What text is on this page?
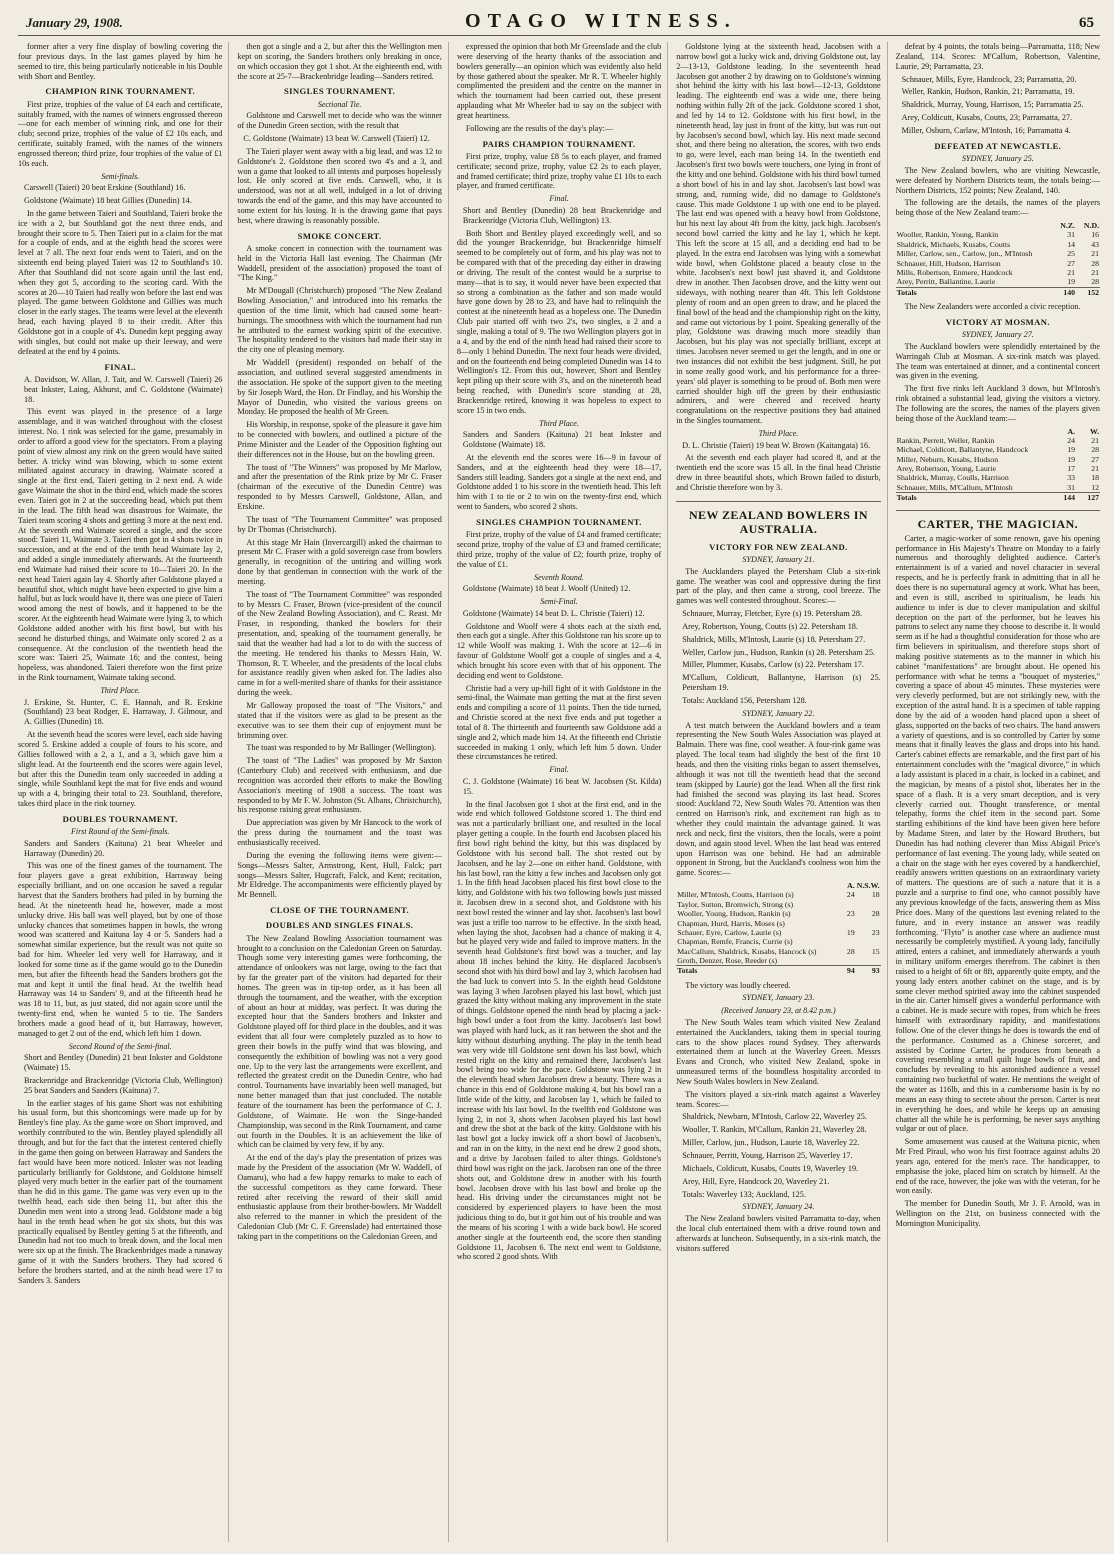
January 29, 1908.	OTAGO WITNESS.	65

former after a very fine display of bowling covering the four previous days. In the last games played by him he seemed to tire, this being particularly noticeable in his Double with Short and Bentley.

CHAMPION RINK TOURNAMENT.

First prize, trophies of the value of £4 each and certificate, suitably framed, with the names of winners engrossed thereon—one for each member of winning rink, and one for their club; second prize, trophies of the value of £2 10s each, and certificate, suitably framed, with the names of the winners engrossed thereon; third prize, four trophies of the value of £1 10s each.

Semi-finals.

Carswell (Taieri) 20 beat Erskine (Southland) 16.

Goldstone (Waimate) 18 beat Gillies (Dunedin) 14.

In the game between Taieri and Southland, Taieri broke the ice with a 2, but Southland got the next three ends, and brought their score to 5. Then Taieri put in a claim for the mat for a couple of ends, and at the eighth head the scores were level at 7 all. The next four ends went to Taieri, and on the sixteenth end being played Taieri was 12 to Southland's 10. After that Southland did not score again until the last end, when they got 5, according to the scoring card. With the scores at 20—10 Taieri had really won before the last end was played. The game between Goldstone and Gillies was much closer in the early stages. The teams were level at the eleventh head, each having played 8 to their credit. After this Goldstone got in a couple of 4's. Dunedin kept pegging away with singles, but could not make up their leeway, and were defeated at the end by 4 points.

FINAL.

A. Davidson, W. Allan, J. Tait, and W. Carswell (Taieri) 26 beat Inkster, Laing, Akhurst, and C. Goldstone (Waimate) 18.

This event was played in the presence of a large assemblage, and it was watched throughout with the closest interest. No. 1 rink was selected for the game, presumably in order to afford a good view for the spectators. From a playing point of view almost any rink on the green would have suited better. A tricky wind was blowing, which to some extent militated against accuracy in drawing. Waimate scored a single at the first end, Taieri getting in 2 next end. A wide gave Waimate the shot in the third end, which made the scores even. Taieri got in 2 at the succeeding head, which put them in the lead. The fifth head was disastrous for Waimate, the Taieri team scoring 4 shots and getting 3 more at the next end. At the seventh end Waimate scored a single, and the score stood: Taieri 11, Waimate 3. Taieri then got in 4 shots twice in succession, and at the end of the tenth head Waimate lay 2, and added a single immediately afterwards. At the fourteenth end Waimate had raised their score to 10—Taieri 20. In the next head Taieri again lay 4. Shortly after Goldstone played a beautiful shot, which might have been expected to give him a halful, but as luck would have it, there was one piece of Taieri wood among the nest of bowls, and it happened to be the scorer. At the eighteenth head Waimate were lying 3, to which Goldstone added another with his first bowl, but with his second he disturbed things, and Waimate only scored 2 as a consequence. At the conclusion of the twentieth head the score was: Taieri 25, Waimate 16; and the contest, being hopeless, was abandoned. Taieri therefore won the first prize in the Rink tournament, Waimate taking second.

Third Place.

J. Erskine, St. Hunter, C. E. Hannah, and R. Erskine (Southland) 23 beat Rodger, E. Harraway, J. Gilmour, and A. Gillies (Dunedin) 18.

At the seventh head the scores were level, each side having scored 5. Erskine added a couple of fours to his score, and Gillies followed with a 2, a 1, and a 3, which gave him a slight lead. At the fourteenth end the scores were again level, but after this the Dunedin team only succeeded in adding a single, while Southland kept the mat for five ends and wound up with a 4, bringing their total to 23. Southland, therefore, takes third place in the rink tourney.

DOUBLES TOURNAMENT.
First Round of the Semi-finals.

Sanders and Sanders (Kaituna) 21 beat Wheeler and Harraway (Dunedin) 20.

This was one of the finest games of the tournament. The four players gave a great exhibition, Harraway being especially brilliant, and on one occasion he saved a regular harvest that the Sanders brothers had piled in by burning the head. At the nineteenth head he, however, made a most unlucky drive. His ball was well played, but by one of those unlucky chances that sometimes happen in bowls, the wrong wood was scattered and Kaituna lay 4 or 5. Sanders had a somewhat similar experience, but the result was not quite so bad for him. Wheeler led very well for Harraway, and it looked for some time as if the game would go to the Dunedin men, but after the fifteenth head the Sanders brothers got the mat and kept it until the final head. At the twelfth head Harraway was 14 to Sanders' 9, and at the fifteenth head he was 18 to 11, but, as just stated, did not again score until the twenty-first end, when he wanted 5 to tie. The Sanders brothers made a good head of it, but Harraway, however, managed to get 2 out of the end, which left him 1 down.

Second Round of the Semi-final.

Short and Bentley (Dunedin) 21 beat Inkster and Goldstone (Waimate) 15.

Brackenridge and Brackenridge (Victoria Club, Wellington) 25 beat Sanders and Sanders (Kaituna) 7.

In the earlier stages of his game Short was not exhibiting his usual form, but this shortcomings were made up for by Bentley's fine play. As the game wore on Short improved, and worthily contributed to the win. Bentley played splendidly all through, and but for the fact that the interest centered chiefly in the game then going on between Harraway and Sanders the fact would have been more noticed. Inkster was not leading particularly brilliantly for Goldstone, and Goldstone himself played very much better in the earlier part of the tournament than he did in this game. The game was very even up to the twelfth head, each side then being 11, but after this the Dunedin men went into a strong lead. Goldstone made a big haul in the tenth head when he got six shots, but this was practically equalised by Bentley getting 5 at the fifteenth, and Dunedin had not too much to break down, and the local men were six up at the finish. The Brackenbridges made a runaway game of it with the Sanders brothers. They had scored 6 before the brothers started, and at the ninth head were 17 to Sanders 3. Sanders

then got a single and a 2, but after this the Wellington men kept on scoring, the Sanders brothers only breaking in once, on which occasion they got 1 shot. At the eighteenth end, with the score at 25-7—Brackenbridge leading—Sanders retired.

SINGLES TOURNAMENT.
Sectional Tie.

Goldstone and Carswell met to decide who was the winner of the Dunedin Green section, with the result that

C. Goldstone (Waimate) 13 beat W. Carswell (Taieri) 12.

The Taieri player went away with a big lead, and was 12 to Goldstone's 2. Goldstone then scored two 4's and a 3, and won a game that looked to all intents and purposes hopelessly lost. He only scored at five ends. Carswell, who, it is understood, was not at all well, indulged in a lot of driving towards the end of the game, and this may have accounted to some extent for his losing. It is the drawing game that pays best, where drawing is reasonably possible.

SMOKE CONCERT.

A smoke concert in connection with the tournament was held in the Victoria Hall last evening. The Chairman (Mr Waddell, president of the association) proposed the toast of "The King."

Mr M'Dougall (Christchurch) proposed "The New Zealand Bowling Association," and introduced into his remarks the question of the time limit, which had caused some heart-burnings. The smoothness with which the tournament had run he attributed to the earnest working spirit of the executive. The hospitality tendered to the visitors had made their stay in the city one of pleasing memory.

Mr Waddell (president) responded on behalf of the association, and outlined several suggested amendments in the association. He spoke of the support given to the meeting by Sir Joseph Ward, the Hon. Dr Findlay, and his Worship the Mayor of Dunedin, who visited the various greens on Monday. He proposed the health of Mr Green.

His Worship, in response, spoke of the pleasure it gave him to be connected with bowlers, and outlined a picture of the Prime Minister and the Leader of the Opposition fighting out their differences not in the House, but on the bowling green.

The toast of "The Winners" was proposed by Mr Marlow, and after the presentation of the Rink prize by Mr C. Fraser (chairman of the executive of the Dunedin Centre) was responded to by Messrs Carswell, Goldstone, Allan, and Erskine.

The toast of "The Tournament Committee" was proposed by Dr Thomas (Christchurch).

At this stage Mr Hain (Invercargill) asked the chairman to present Mr C. Fraser with a gold sovereign case from bowlers generally, in recognition of the untiring and willing work done by that gentleman in connection with the work of the meeting.

The toast of "The Tournament Committee" was responded to by Messrs C. Fraser, Brown (vice-president of the council of the New Zealand Bowling Association), and C. Reast. Mr Fraser, in responding, thanked the bowlers for their presentation, and, speaking of the tournament generally, he said that the weather had had a lot to do with the success of the meeting. He tendered his thanks to Messrs Hain, W. Thomson, R. T. Wheeler, and the presidents of the local clubs for assistance readily given when asked for. The ladies also came in for a well-merited share of thanks for their assistance during the week.

Mr Galloway proposed the toast of "The Visitors," and stated that if the visitors were as glad to be present as the executive was to see them their cup of enjoyment must be brimming over.

The toast was responded to by Mr Ballinger (Wellington).

The toast of "The Ladies" was proposed by Mr Saxton (Canterbury Club) and received with enthusiasm, and due recognition was accorded their efforts to make the Bowling Association's meeting of 1908 a success. The toast was responded to by Mr F. W. Johnston (St. Albans, Christchurch), his response raising great enthusiasm.

Due appreciation was given by Mr Hancock to the work of the press during the tournament and the toast was enthusiastically received.

During the evening the following items were given:—Songs—Messrs Salter, Armstrong, Kent, Hull, Falck; part songs—Messrs Salter, Hugcraft, Falck, and Kent; recitation, Mr Eldredge. The accompaniments were efficiently played by Mr Bennell.

CLOSE OF THE TOURNAMENT.
DOUBLES AND SINGLES FINALS.

The New Zealand Bowling Association tournament was brought to a conclusion on the Caledonian Green on Saturday. Though some very interesting games were forthcoming, the attendance of onlookers was not large, owing to the fact that by far the greater part of the visitors had departed for their homes. The green was in tip-top order, as it has been all through the tournament, and the weather, with the exception of about an hour at midday, was perfect. It was during the excepted hour that the Sanders brothers and Inkster and Goldstone played off for third place in the doubles, and it was evident that all four were completely puzzled as to how to green their bowls in the puffy wind that was blowing, and consequently the exhibition of bowling was not a very good one. Up to the very last the arrangements were excellent, and reflected the greatest credit on the Dunedin Centre, who had control. Tournaments have invariably been well managed, but none better managed than that just concluded. The notable feature of the tournament has been the performance of C. J. Goldstone, of Waimate. He won the Singe-handed Championship, was second in the Rink Tournament, and came out fourth in the Doubles. It is an achievement the like of which can be claimed by very few, if by any.

At the end of the day's play the presentation of prizes was made by the President of the association (Mr W. Waddell, of Oamaru), who had a few happy remarks to make to each of the successful competitors as they came forward. These retired after receiving the reward of their skill amid enthusiastic applause from their brother-bowlers. Mr Waddell also referred to the manner in which the president of the Caledonian Club (Mr C. F. Greenslade) had entertained those taking part in the competitions on the Caledonian Green, and

expressed the opinion that both Mr Greenslade and the club were deserving of the hearty thanks of the association and bowlers generally—an opinion which was evidently also held by those gathered about the speaker. Mr R. T. Wheeler highly complimented the president and the centre on the manner in which the tournament had been carried out, these present applauding what Mr Wheeler had to say on the subject with great heartiness.

Following are the results of the day's play:—

PAIRS CHAMPION TOURNAMENT.

First prize, trophy, value £8 5s to each player, and framed certificate; second prize, trophy, value £2 2s to each player, and framed certificate; third prize, trophy value £1 10s to each player, and framed certificate.

Final.

Short and Bentley (Dunedin) 28 beat Brackenridge and Brackenridge (Victoria Club, Wellington) 13.

Both Short and Bentley played exceedingly well, and so did the younger Brackenridge, but Brackenridge himself seemed to be completely out of form, and his play was not to be compared with that of the preceding day either in drawing or driving. The result of the contest would be a surprise to many—that is to say, it would never have been expected that so strong a combination as the father and son made would have gone down by 28 to 23, and have had to relinquish the contest at the nineteenth head as a hopeless one. The Dunedin Club pair started off with two 2's, two singles, a 2 and a single, making a total of 9. The two Wellington players got in a 4, and by the end of the ninth head had raised their score to 8—only 1 behind Dunedin. The next four heads were divided, and on the fourteenth end being completed Dunedin was 14 to Wellington's 12. From this out, however, Short and Bentley kept piling up their score with 3's, and on the nineteenth head being reached, with Dunedin's score standing at 28, Brackenridge retired, knowing it was hopeless to expect to score 15 in two ends.

Third Place.

Sanders and Sanders (Kaituna) 21 beat Inkster and Goldstone (Waimate) 18.

At the eleventh end the scores were 16—9 in favour of Sanders, and at the eighteenth head they were 18—17, Sanders still leading. Sanders got a single at the next end, and Goldstone added 1 to his score in the twentieth head. This left him with 1 to tie or 2 to win on the twenty-first end, which went to Sanders, who scored 2 shots.

SINGLES CHAMPION TOURNAMENT.

First prize, trophy of the value of £4 and framed certificate; second prize, trophy of the value of £3 and framed certificate; third prize, trophy of the value of £2; fourth prize, trophy of the value of £1.

Seventh Round.

Goldstone (Waimate) 18 beat J. Woolf (United) 12.

Semi-Final.

Goldstone (Waimate) 14 beat D. L. Christie (Taieri) 12.

Goldstone and Woolf were 4 shots each at the sixth end, then each got a single. After this Goldstone ran his score up to 12 while Woolf was making 1. With the score at 12—6 in favour of Goldstone Woolf got a couple of singles and a 4, which brought his score even with that of his opponent. The deciding end went to Goldstone.

Christie had a very up-hill fight of it with Goldstone in the semi-final, the Waimate man getting the mat at the first seven ends and compiling a score of 11 points. Then the tide turned, and Christie scored at the next five ends and put together a total of 8. The thirteenth and fourteenth saw Goldstone add a single and 2, which made him 14. At the fifteenth end Christie succeeded in making 1 only, which left him 5 down. Under these circumstances he retired.

Final.

C. J. Goldstone (Waimate) 16 beat W. Jacobsen (St. Kilda) 15.

In the final Jacobsen got 1 shot at the first end, and in the wide end which followed Goldstone scored 1. The third end was not a particularly brilliant one, and resulted in the local player getting a couple. In the fourth end Jacobsen placed his first bowl right behind the kitty, but this was displaced by Goldstone with his second ball. The shot rested out by Jacobsen, and he lay 2—one on either hand. Goldstone, with his last bowl, ran the kitty a few inches and Jacobsen only got 1. In the fifth head Jacobsen placed his first bowl close to the kitty, and Goldstone with his two following bowls just missed it. Jacobsen drew in a second shot, and Goldstone with his next bowl rested the winner and lay shot. Jacobsen's last bowl was just a trifle too narrow to be effective. In the sixth head, when laying the shot, Jacobsen had a chance of making it 4, but he played very wide and failed to improve matters. In the seventh head Goldstone's first bowl was a toucher, and lay about 18 inches behind the kitty. He displaced Jacobsen's second shot with his third bowl and lay 3, which Jacobsen had the bad luck to convert into 5. In the eighth head Goldstone was laying 3 when Jacobsen played his last bowl, which just grazed the kitty without making any improvement in the state of things. Goldstone opened the ninth head by placing a jack-high bowl under a foot from the kitty. Jacobsen's last bowl was played with hard luck, as it ran between the shot and the kitty without disturbing anything. The play in the tenth head was very wide till Goldstone sent down his last bowl, which rested right on the kitty and remained there, Jacobsen's last bowl being too wide for the pace. Goldstone was lying 2 in the eleventh head when Jacobsen drew a beauty. There was a chance in this end of Goldstone making 4, but his bowl ran a little wide of the kitty, and Jacobsen lay 1, which he failed to increase with his last bowl. In the twelfth end Goldstone was lying 2, in not 3, shots when Jacobsen played his last bowl and drew the shot at the back of the kitty. Goldstone with his last bowl got a lucky inwick off a short bowl of Jacobsen's, and ran in on the kitty, in the next end he drew 2 good shots, and a drive by Jacobsen failed to alter things. Goldstone's third bowl was right on the jack. Jacobsen ran one of the three shots out, and Goldstone drew in another with his fourth bowl. Jacobsen drove with his last bowl and broke up the head. His driving under the circumstances might not be considered by experienced players to have been the most judicious thing to do, but it got him out of his trouble and was the means of his scoring 1 with a wide back bowl. He scored another single at the fourteenth end, the score then standing Goldstone 11, Jacobsen 6. The next end went to Goldstone, who scored 2 good shots. With

Goldstone lying at the sixteenth head, Jacobsen with a narrow bowl got a lucky wick and, driving Goldstone out, lay 2—13-13, Goldstone leading. In the seventeenth head Jacobsen got another 2 by drawing on to Goldstone's winning shot behind the kitty with his last bowl—12-13, Goldstone leading. The eighteenth end was a wide one, there being nothing within fully 2ft of the jack. Goldstone scored 1 shot, and led by 14 to 12. Goldstone with his first bowl, in the nineteenth head, lay just in front of the kitty, but was run out by Jacobsen's second bowl, which lay. His next made second shot, and there being no alteration, the scores, with two ends to go, were level, each man being 14. In the twentieth end Jacobsen's first two bowls were touchers, one lying in front of the kitty and one behind. Goldstone with his third bowl turned a short bowl of his in and lay shot. Jacobsen's last bowl was strong, and, running wide, did no damage to Goldstone's cause. This made Goldstone 1 up with one end to be played. The last end was opened with a heavy bowl from Goldstone, but his next lay about 4ft from the kitty, jack high. Jacobsen's second bowl carried the kitty and he lay 1, which he kept. This left the score at 15 all, and a deciding end had to be played. In the extra end Jacobsen was lying with a somewhat wide bowl, when Goldstone placed a beauty close to the white. Jacobsen's next bowl just shaved it, and Goldstone drew in another. Then Jacobsen drove, and the kitty went out sideways, with nothing nearer than 4ft. This left Goldstone plenty of room and an open green to draw, and he placed the final bowl of the head and the championship right on the kitty, and came out victorious by 1 point. Speaking generally of the play, Goldstone was drawing much more steadily than Jacobsen, but his play was not specially brilliant, except at times. Jacobsen never seemed to get the length, and in one or two instances did not exhibit the best judgment. Still, he put in some really good work, and his performance for a three-years' old player is something to be proud of. Both men were carried shoulder high off the green by their enthusiastic admirers, and were cheered and received hearty congratulations on the respective positions they had attained in the Singles tournament.

Third Place.

D. L. Christie (Taieri) 19 beat W. Brown (Kaitangata) 16.

At the seventh end each player had scored 8, and at the twentieth end the score was 15 all. In the final head Christie drew in three beautiful shots, which Brown failed to disturb, and Christie therefore won by 3.

NEW ZEALAND BOWLERS IN AUSTRALIA.
VICTORY FOR NEW ZEALAND.

SYDNEY, January 21.

The Aucklanders played the Petersham Club a six-rink game. The weather was cool and oppressive during the first part of the play, and then came a strong, cool breeze. The games was well contested throughout. Scores:—

Schnauer, Murray, Fletcher, Eyre (s) 19. Petersham 28.

Arey, Robertson, Young, Coutts (s) 22. Petersham 18.

Shaldrick, Mills, M'Intosh, Laurie (s) 18. Petersham 27.

Weller, Carlow jun., Hudson, Rankin (s) 28. Petersham 25.

Miller, Plummer, Kusabs, Carlow (s) 22. Petersham 17.

M'Callum, Coldicutt, Ballantyne, Harrison (s) 25. Petersham 19.

Totals: Auckland 156, Petersham 128.

SYDNEY, January 22.

A test match between the Auckland bowlers and a team representing the New South Wales Association was played at Balmain. There was fine, cool weather. A four-rink game was played. The local team had slightly the best of the first 10 heads, and then the visiting rinks began to assert themselves, although it was not till the twentieth head that the second team (skipped by Laurie) got the lead. When all the first rink had finished the second was playing its last head. Scores stood: Auckland 72, New South Wales 70. Attention was then centred on Harrison's rink, and excitement ran high as to whether they could maintain the advantage gained. It was neck and neck, first the visitors, then the locals, were a point down, and again stood level. When the last head was entered upon Harrison was one behind. He had an admirable opponent in Strong, but the Auckland's coolness won him the game. Scores:—

	A.	N.S.W.
Miller, M'Intosh, Coutts, Harrison (s)	24	18
Taylor, Sutton, Bromwich, Strong (s)		
Wooller, Young, Hudson, Rankin (s)	23	28
Chapman, Hurd, Harris, Moses (s)		
Schauer, Eyre, Carlow, Laurie (s)	19	23
Chapman, Remfe, Francis, Currie (s)		
MacCallum, Shaldrick, Kusabs, Hancock (s)	28	15
Groth, Denzer, Rose, Reeder (s)		
Totals	94	93

The victory was loudly cheered.

SYDNEY, January 23.

(Received January 23, at 8.42 p.m.)

The New South Wales team which visited New Zealand entertained the Aucklanders, taking them in special touring cars to the show places round Sydney. They afterwards entertained them at lunch at the Waverley Green. Messrs Evans and Cronch, who visited New Zealand, spoke in unmeasured terms of the boundless hospitality accorded to New South Wales bowlers in New Zealand.

The visitors played a six-rink match against a Waverley team. Scores:—

Shaldrick, Newbarn, M'Intosh, Carlow 22, Waverley 25.

Wooller, T. Rankin, M'Callum, Rankin 21, Waverley 28.

Miller, Carlow, jun., Hudson, Laurie 18, Waverley 22.

Schnauer, Perritt, Young, Harrison 25, Waverley 17.

Michaels, Coldicutt, Kusabs, Coutts 19, Waverley 19.

Arey, Hill, Eyre, Handcock 20, Waverley 21.

Totals: Waverley 133; Auckland, 125.

SYDNEY, January 24.

The New Zealand bowlers visited Parramatta to-day, when the local club entertained them with a drive round town and afterwards at luncheon. Subsequently, in a six-rink match, the visitors suffered

defeat by 4 points, the totals being—Parramatta, 118; New Zealand, 114. Scores: M'Callum, Robertson, Valentine, Laurie, 29; Parramatta, 23.

Schnauer, Mills, Eyre, Handcock, 23; Parramatta, 20.

Weller, Rankin, Hudson, Rankin, 21; Parramatta, 19.

Shaldrick, Murray, Young, Harrison, 15; Parramatta 25.

Arey, Coldicutt, Kusabs, Coutts, 23; Parramatta, 27.

Miller, Osburn, Carlaw, M'Intosh, 16; Parramatta 4.

DEFEATED AT NEWCASTLE.

SYDNEY, January 25.

The New Zealand bowlers, who are visiting Newcastle, were defeated by Northern Districts team, the totals being:—Northern Districts, 152 points; New Zealand, 140.

The following are the details, the names of the players being those of the New Zealand team:—

	N.Z.	N.D.
Wooller, Rankin, Young, Rankin	31	16
Shaldrick, Michaels, Kusabs, Coutts	14	43
Miller, Carlow, sen., Carlow, jun., M'Intosh	25	21
Schnauer, Hill, Hudson, Harrison	27	28
Mills, Robertson, Enmere, Handcock	21	21
Arey, Perritt, Ballantine, Laurie	19	28
Totals	140	152

The New Zealanders were accorded a civic reception.

VICTORY AT MOSMAN.

SYDNEY, January 27.

The Auckland bowlers were splendidly entertained by the Warringah Club at Mosman. A six-rink match was played. The team was entertained at dinner, and a continental concert was given in the evening.

The first five rinks left Auckland 3 down, but M'Intosh's rink obtained a substantial lead, giving the visitors a victory. The following are the scores, the names of the players given being those of the Auckland team:—

	A.	W.
Rankin, Perrett, Weller, Rankin	24	21
Michael, Coldicott, Ballantyne, Handcock	19	28
Miller, Neburn, Kusabs, Hudson	19	27
Arey, Robertson, Young, Laurie	17	21
Shaldrick, Murray, Coulls, Harrison	33	18
Schnauer, Mills, M'Callum, M'Intosh	31	12
Totals	144	127
CARTER, THE MAGICIAN.

Carter, a magic-worker of some renown, gave his opening performance in His Majesty's Theatre on Monday to a fairly numerous and thoroughly delighted audience. Carter's entertainment is of a varied and novel character in several respects, and he is perfectly frank in admitting that in all he does there is no supernatural agency at work. What has been, and even is still, ascribed to spiritualism, he leads his audience to infer is due to clever manipulation and skilful deception on the part of the performer, but he leaves his patrons to select any name they choose to describe it. It would seem as if he had a thoughtful consideration for those who are firm believers in spiritualism, and therefore stops short of making positive statements as to the manner in which his cabinet "manifestations" are brought about. He opened his performance with what he terms a "bouquet of mysteries," covering a space of about 45 minutes. These mysteries were very cleverly performed, but are not strikingly new, with the exception of the astral hand. It is a specimen of table rapping done by the aid of a wooden hand placed upon a sheet of glass, supported on the backs of two chairs. The hand answers a variety of questions, and is so controlled by Carter by some means that it finally leaves the glass and drops into his hand. Carter's cabinet effects are remarkable, and the first part of his entertainment concludes with the "magical divorce," in which a lady assistant is placed in a chair, is locked in a cabinet, and the magician, by means of a pistol shot, liberates her in the space of a flash. It is a very smart deception, and is very cleverly carried out. Thought transference, or mental telepathy, forms the chief item in the second part. Some startling exhibitions of the kind have been given here before by Madame Steen, and later by the Howard Brothers, but Dunedin has had nothing cleverer than Miss Abigail Price's performance of last evening. The young lady, while seated on a chair on the stage with her eyes covered by a handkerchief, readily answers written questions on an extraordinary variety of matters. The questions are of such a nature that it is a puzzle and a surprise to find one, who cannot possibly have any previous knowledge of the facts, answering them as Miss Price does. Many of the questions last evening related to the future, and in every instance an answer was readily forthcoming. "Flyto" is another case where an audience must necessarily be completely mystified. A young lady, fancifully attired, enters a cabinet, and immediately afterwards a youth in military uniform emerges therefrom. The cabinet is then raised to a height of 6ft or 8ft, apparently quite empty, and the young lady enters another cabinet on the stage, and is by some clever method spirited away into the cabinet suspended in the air. Carter himself gives a wonderful performance with a cabinet. He is made secure with ropes, from which he frees himself with extraordinary rapidity, and manifestations follow. One of the clever things he does is towards the end of the performance. Costumed as a Chinese sorcerer, and assisted by Corinne Carter, he produces from beneath a covering resembling a small quilt huge bowls of fruit, and concludes by revealing to his astonished audience a vessel containing two bucketful of water. He mentions the weight of the water as 116lb, and this in a cumbersome basin is by no means an easy thing to secrete about the person. Carter is neat in everything he does, and while he keeps up an amusing chatter all the while he is performing, he never says anything vulgar or out of place.

Some amusement was caused at the Waituna picnic, when Mr Fred Piraul, who won his first footrace against adults 20 years ago, entered for the men's race. The handicapper, to emphasise the joke, placed him on scratch by himself. At the end of the race, however, the joke was with the veteran, for he won easily.

The member for Dunedin South, Mr J. F. Arnold, was in Wellington on the 21st, on business connected with the Mornington Municipality.
